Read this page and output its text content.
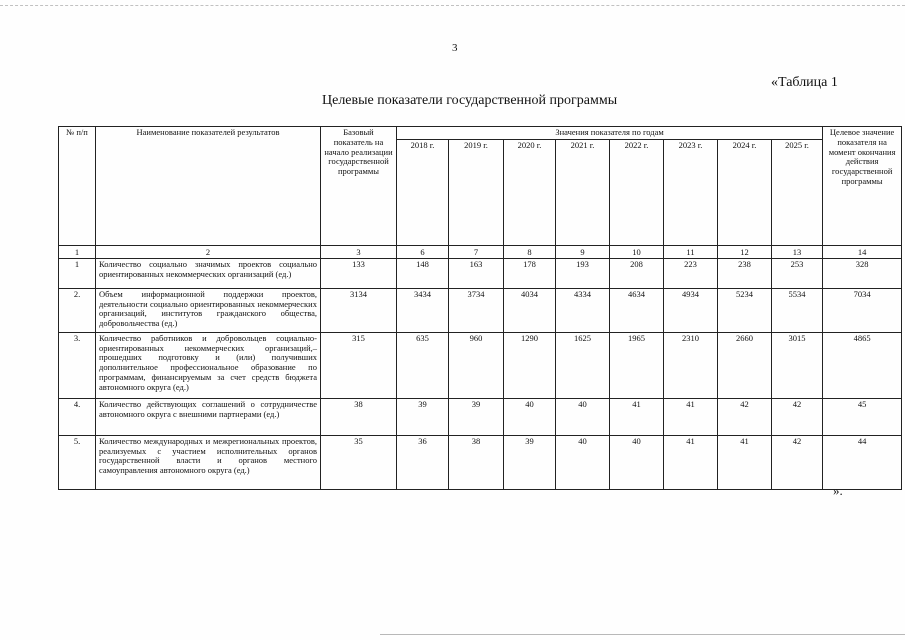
3
«Таблица 1
Целевые показатели государственной программы
№ п/п	Наименование показателей результатов	Базовый показатель на начало реализации государственной программы	Значения показателя по годам								Целевое значение показателя на момент окончания действия государственной программы
			2018 г.	2019 г.	2020 г.	2021 г.	2022 г.	2023 г.	2024 г.	2025 г.	
1	2	3	6	7	8	9	10	11	12	13	14
1	Количество социально значимых проектов социально ориентированных некоммерческих организаций (ед.)	133	148	163	178	193	208	223	238	253	328
2.	Объем информационной поддержки проектов, деятельности социально ориентированных некоммерческих организаций, институтов гражданского общества, добровольчества (ед.)	3134	3434	3734	4034	4334	4634	4934	5234	5534	7034
3.	Количество работников и добровольцев социально-ориентированных некоммерческих организаций,–прошедших подготовку и (или) получивших дополнительное профессиональное образование по программам, финансируемым за счет средств бюджета автономного округа (ед.)	315	635	960	1290	1625	1965	2310	2660	3015	4865
4.	Количество действующих соглашений о сотрудничестве автономного округа с внешними партнерами (ед.)	38	39	39	40	40	41	41	42	42	45
5.	Количество международных и межрегиональных проектов, реализуемых с участием исполнительных органов государственной власти и органов местного самоуправления автономного округа (ед.)	35	36	38	39	40	40	41	41	42	44
».
